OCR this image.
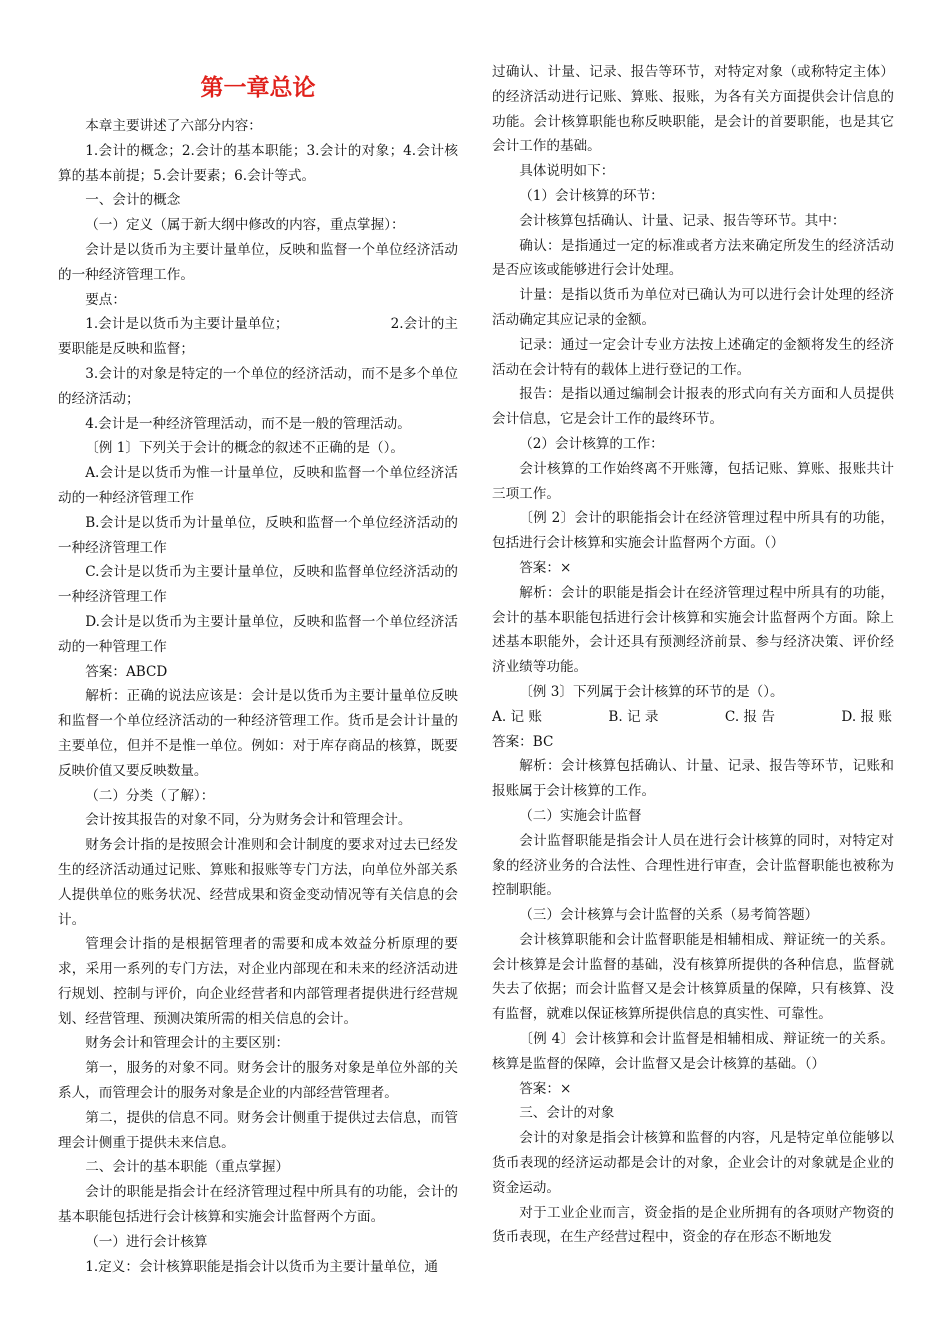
第一章总论

本章主要讲述了六部分内容：

1.会计的概念；2.会计的基本职能；3.会计的对象；4.会计核算的基本前提；5.会计要素；6.会计等式。

一、会计的概念

（一）定义（属于新大纲中修改的内容，重点掌握）：

会计是以货币为主要计量单位，反映和监督一个单位经济活动的一种经济管理工作。

要点：

1.会计是以货币为主要计量单位；	2.会计的主

要职能是反映和监督；

3.会计的对象是特定的一个单位的经济活动，而不是多个单位的经济活动；

4.会计是一种经济管理活动，而不是一般的管理活动。

〔例 1〕下列关于会计的概念的叙述不正确的是（）。

A.会计是以货币为惟一计量单位，反映和监督一个单位经济活动的一种经济管理工作

B.会计是以货币为计量单位，反映和监督一个单位经济活动的一种经济管理工作

C.会计是以货币为主要计量单位，反映和监督单位经济活动的一种经济管理工作

D.会计是以货币为主要计量单位，反映和监督一个单位经济活动的一种管理工作

答案：ABCD

解析：正确的说法应该是：会计是以货币为主要计量单位反映和监督一个单位经济活动的一种经济管理工作。货币是会计计量的主要单位，但并不是惟一单位。例如：对于库存商品的核算，既要反映价值又要反映数量。

（二）分类（了解）：

会计按其报告的对象不同，分为财务会计和管理会计。

财务会计指的是按照会计准则和会计制度的要求对过去已经发生的经济活动通过记账、算账和报账等专门方法，向单位外部关系人提供单位的账务状况、经营成果和资金变动情况等有关信息的会计。

管理会计指的是根据管理者的需要和成本效益分析原理的要求，采用一系列的专门方法，对企业内部现在和未来的经济活动进行规划、控制与评价，向企业经营者和内部管理者提供进行经营规划、经营管理、预测决策所需的相关信息的会计。

财务会计和管理会计的主要区别：

第一，服务的对象不同。财务会计的服务对象是单位外部的关系人，而管理会计的服务对象是企业的内部经营管理者。

第二，提供的信息不同。财务会计侧重于提供过去信息，而管理会计侧重于提供未来信息。

二、会计的基本职能（重点掌握）

会计的职能是指会计在经济管理过程中所具有的功能，会计的基本职能包括进行会计核算和实施会计监督两个方面。

（一）进行会计核算

1.定义：会计核算职能是指会计以货币为主要计量单位，通

过确认、计量、记录、报告等环节，对特定对象（或称特定主体）的经济活动进行记账、算账、报账，为各有关方面提供会计信息的功能。会计核算职能也称反映职能，是会计的首要职能，也是其它会计工作的基础。

具体说明如下：

（1）会计核算的环节：

会计核算包括确认、计量、记录、报告等环节。其中：

确认：是指通过一定的标准或者方法来确定所发生的经济活动是否应该或能够进行会计处理。

计量：是指以货币为单位对已确认为可以进行会计处理的经济活动确定其应记录的金额。

记录：通过一定会计专业方法按上述确定的金额将发生的经济活动在会计特有的载体上进行登记的工作。

报告：是指以通过编制会计报表的形式向有关方面和人员提供会计信息，它是会计工作的最终环节。

（2）会计核算的工作：

会计核算的工作始终离不开账簿，包括记账、算账、报账共计三项工作。

〔例 2〕会计的职能指会计在经济管理过程中所具有的功能，包括进行会计核算和实施会计监督两个方面。（）

答案：×

解析：会计的职能是指会计在经济管理过程中所具有的功能，会计的基本职能包括进行会计核算和实施会计监督两个方面。除上述基本职能外，会计还具有预测经济前景、参与经济决策、评价经济业绩等功能。

〔例 3〕下列属于会计核算的环节的是（）。

A. 记 账	B. 记 录	C. 报 告	D. 报 账

答案：BC

解析：会计核算包括确认、计量、记录、报告等环节，记账和报账属于会计核算的工作。

（二）实施会计监督

会计监督职能是指会计人员在进行会计核算的同时，对特定对象的经济业务的合法性、合理性进行审查，会计监督职能也被称为控制职能。

（三）会计核算与会计监督的关系（易考简答题）

会计核算职能和会计监督职能是相辅相成、辩证统一的关系。会计核算是会计监督的基础，没有核算所提供的各种信息，监督就失去了依据；而会计监督又是会计核算质量的保障，只有核算、没有监督，就难以保证核算所提供信息的真实性、可靠性。

〔例 4〕会计核算和会计监督是相辅相成、辩证统一的关系。核算是监督的保障，会计监督又是会计核算的基础。（）

答案：×

三、会计的对象

会计的对象是指会计核算和监督的内容，凡是特定单位能够以货币表现的经济运动都是会计的对象，企业会计的对象就是企业的资金运动。

对于工业企业而言，资金指的是企业所拥有的各项财产物资的货币表现，在生产经营过程中，资金的存在形态不断地发
